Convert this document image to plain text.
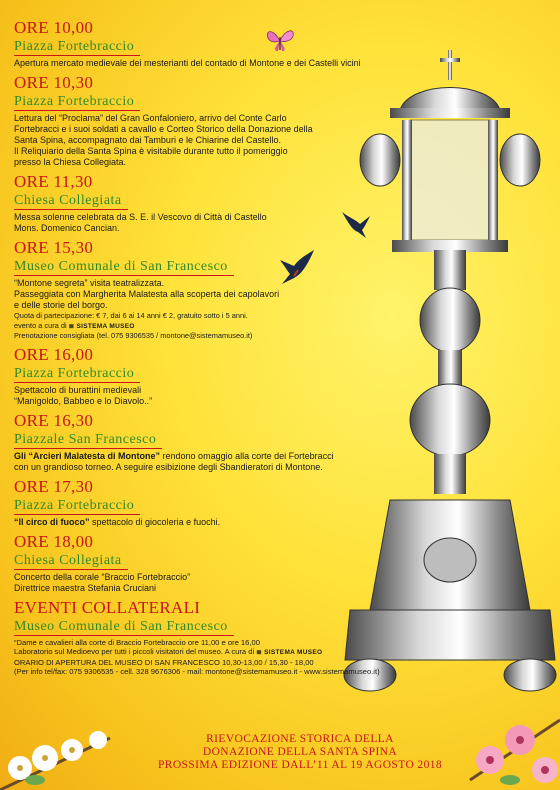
ORE 10,00
Piazza Fortebraccio
Apertura mercato medievale dei mesterianti del contado di Montone e dei Castelli vicini
ORE 10,30
Piazza Fortebraccio
Lettura del “Proclama” del Gran Gonfaloniero, arrivo del Conte Carlo
Fortebracci e i suoi soldati a cavallo e Corteo Storico della Donazione della
Santa Spina, accompagnato dai Tamburi e le Chiarine del Castello.
Il Reliquiario della Santa Spina è visitabile durante tutto il pomeriggio
presso la Chiesa Collegiata.
ORE 11,30
Chiesa Collegiata
Messa solenne celebrata da S. E. il Vescovo di Città di Castello
Mons. Domenico Cancian.
ORE 15,30
Museo Comunale di San Francesco
“Montone segreta” visita teatralizzata.
Passeggiata con Margherita Malatesta alla scoperta dei capolavori
e delle storie del borgo.
Quota di partecipazione: € 7, dai 6 ai 14 anni € 2, gratuito sotto i 5 anni.
evento a cura di ≣ SISTEMA MUSEO
Prenotazione consigliata (tel. 075 9306535 / montone@sistemamuseo.it)
ORE 16,00
Piazza Fortebraccio
Spettacolo di burattini medievali
“Manigoldo, Babbeo e lo Diavolo..”
ORE 16,30
Piazzale San Francesco
Gli “Arcieri Malatesta di Montone” rendono omaggio alla corte dei Fortebracci
con un grandioso torneo. A seguire esibizione degli Sbandieratori di Montone.
ORE 17,30
Piazza Fortebraccio
“Il circo di fuoco” spettacolo di giocoleria e fuochi.
ORE 18,00
Chiesa Collegiata
Concerto della corale “Braccio Fortebraccio”
Direttrice maestra Stefania Cruciani
EVENTI COLLATERALI
Museo Comunale di San Francesco
“Dame e cavalieri alla corte di Braccio Fortebraccio ore 11,00 e ore 16,00
Laboratorio sul Medioevo per tutti i piccoli visitatori del museo. A cura di ≣ SISTEMA MUSEO
ORARIO DI APERTURA DEL MUSEO DI SAN FRANCESCO 10,30-13,00 / 15,30 - 18,00
(Per info tel/fax: 075 9306535 - cell. 328 9676306 - mail: montone@sistemamuseo.it - www.sistemamuseo.it)
RIEVOCAZIONE STORICA DELLA
DONAZIONE DELLA SANTA SPINA
PROSSIMA EDIZIONE DALL’11 AL 19 AGOSTO 2018
